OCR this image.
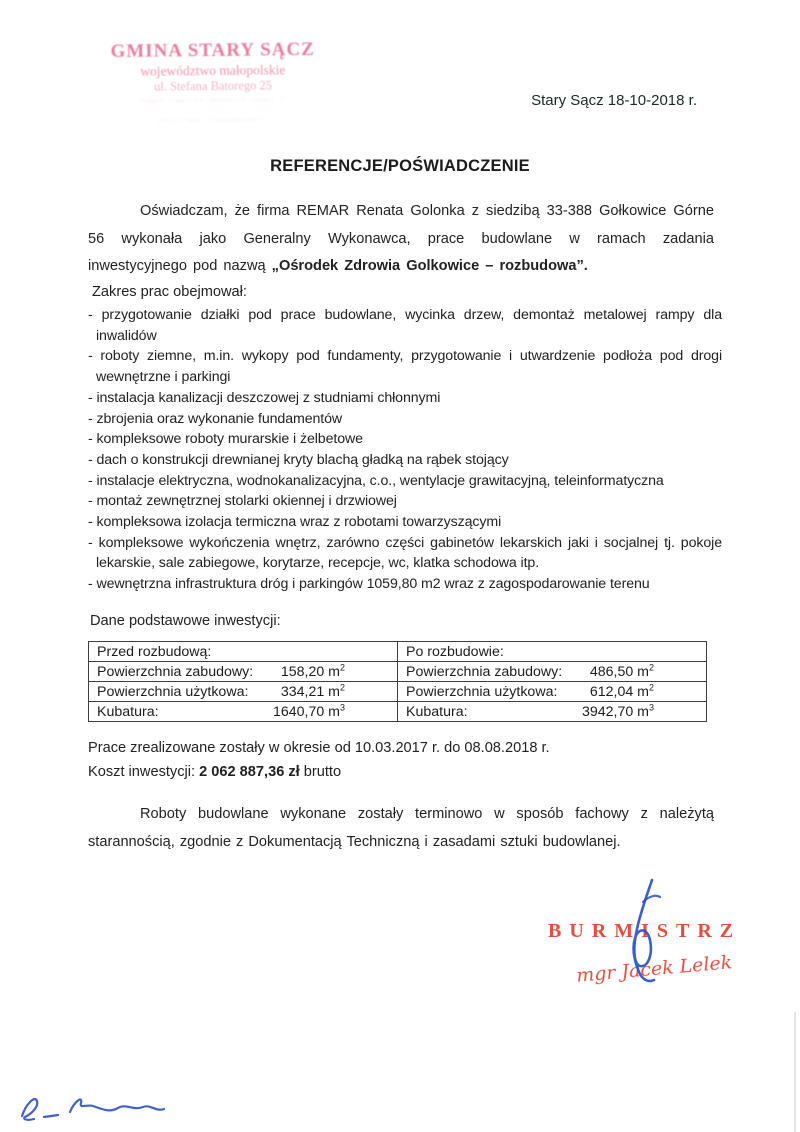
GMINA STARY SĄCZ
województwo małopolskie
ul. Stefana Batorego 25
·—· ·—··· ——·· ·—· ·
—···— ··———··
Stary Sącz 18-10-2018 r.
REFERENCJE/POŚWIADCZENIE

Oświadczam, że firma REMAR Renata Golonka z siedzibą 33-388 Gołkowice Górne 56 wykonała jako Generalny Wykonawca, prace budowlane w ramach zadania inwestycyjnego pod nazwą „Ośrodek Zdrowia Golkowice – rozbudowa”.

Zakres prac obejmował:
- przygotowanie działki pod prace budowlane, wycinka drzew, demontaż metalowej rampy dla inwalidów
- roboty ziemne, m.in. wykopy pod fundamenty, przygotowanie i utwardzenie podłoża pod drogi wewnętrzne i parkingi
- instalacja kanalizacji deszczowej z studniami chłonnymi
- zbrojenia oraz wykonanie fundamentów
- kompleksowe roboty murarskie i żelbetowe
- dach o konstrukcji drewnianej kryty blachą gładką na rąbek stojący
- instalacje elektryczna, wodnokanalizacyjna, c.o., wentylacje grawitacyjną, teleinformatyczna
- montaż zewnętrznej stolarki okiennej i drzwiowej
- kompleksowa izolacja termiczna wraz z robotami towarzyszącymi
- kompleksowe wykończenia wnętrz, zarówno części gabinetów lekarskich jaki i socjalnej tj. pokoje lekarskie, sale zabiegowe, korytarze, recepcje, wc, klatka schodowa itp.
- wewnętrzna infrastruktura dróg i parkingów 1059,80 m2 wraz z zagospodarowanie terenu
Dane podstawowe inwestycji:
Przed rozbudową:	Po rozbudowie:

Powierzchnia zabudowy: 158,20 $m^2$	Powierzchnia zabudowy: 486,50 $m^2$

Powierzchnia użytkowa: 334,21 $m^2$	Powierzchnia użytkowa: 612,04 $m^2$

Kubatura: 1640,70 $m^3$	Kubatura: 3942,70 $m^3$
Prace zrealizowane zostały w okresie od 10.03.2017 r. do 08.08.2018 r.
Koszt inwestycji: 2 062 887,36 zł brutto

Roboty budowlane wykonane zostały terminowo w sposób fachowy z należytą starannością, zgodnie z Dokumentacją Techniczną i zasadami sztuki budowlanej.

BURMISTRZ
mgr Jacek Lelek
